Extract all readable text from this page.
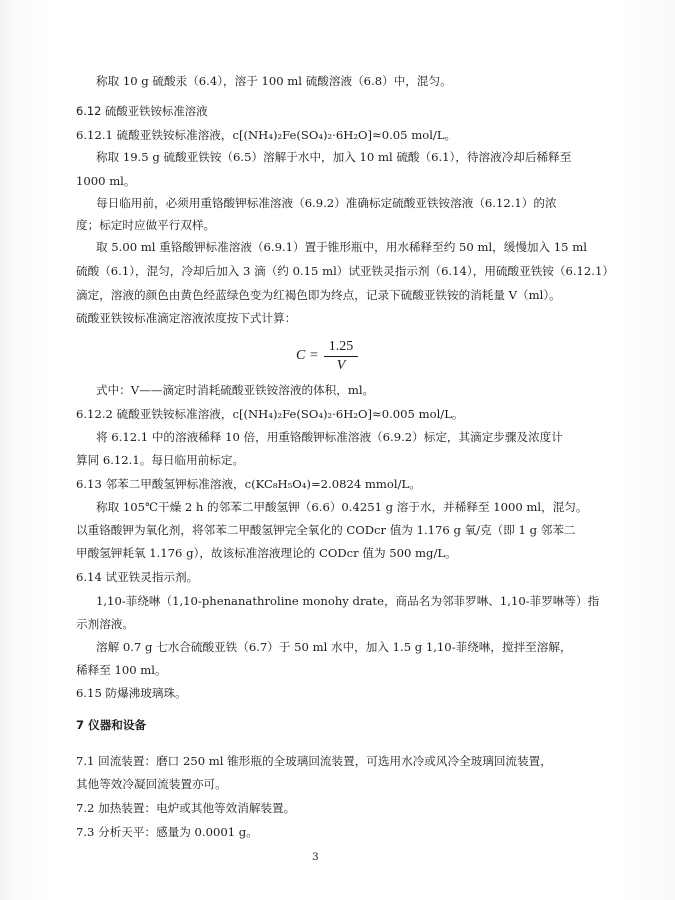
称取 10 g 硫酸汞（6.4），溶于 100 ml 硫酸溶液（6.8）中，混匀。
6.12 硫酸亚铁铵标准溶液
6.12.1 硫酸亚铁铵标准溶液，c[(NH₄)₂Fe(SO₄)₂·6H₂O]≈0.05 mol/L。
称取 19.5 g 硫酸亚铁铵（6.5）溶解于水中，加入 10 ml 硫酸（6.1），待溶液冷却后稀释至
1000 ml。
每日临用前，必须用重铬酸钾标准溶液（6.9.2）准确标定硫酸亚铁铵溶液（6.12.1）的浓
度；标定时应做平行双样。
取 5.00 ml 重铬酸钾标准溶液（6.9.1）置于锥形瓶中，用水稀释至约 50 ml，缓慢加入 15 ml
硫酸（6.1），混匀，冷却后加入 3 滴（约 0.15 ml）试亚铁灵指示剂（6.14），用硫酸亚铁铵（6.12.1）
滴定，溶液的颜色由黄色经蓝绿色变为红褐色即为终点，记录下硫酸亚铁铵的消耗量 V（ml）。
硫酸亚铁铵标准滴定溶液浓度按下式计算：
C =
1.25
V
式中：V——滴定时消耗硫酸亚铁铵溶液的体积，ml。
6.12.2 硫酸亚铁铵标准溶液，c[(NH₄)₂Fe(SO₄)₂·6H₂O]≈0.005 mol/L。
将 6.12.1 中的溶液稀释 10 倍，用重铬酸钾标准溶液（6.9.2）标定，其滴定步骤及浓度计
算同 6.12.1。每日临用前标定。
6.13 邻苯二甲酸氢钾标准溶液，c(KC₈H₅O₄)=2.0824 mmol/L。
称取 105℃干燥 2 h 的邻苯二甲酸氢钾（6.6）0.4251 g 溶于水，并稀释至 1000 ml，混匀。
以重铬酸钾为氧化剂，将邻苯二甲酸氢钾完全氧化的 CODcr 值为 1.176 g 氧/克（即 1 g 邻苯二
甲酸氢钾耗氧 1.176 g），故该标准溶液理论的 CODcr 值为 500 mg/L。
6.14 试亚铁灵指示剂。
1,10-菲绕啉（1,10-phenanathroline monohy drate，商品名为邻菲罗啉、1,10-菲罗啉等）指
示剂溶液。
溶解 0.7 g 七水合硫酸亚铁（6.7）于 50 ml 水中，加入 1.5 g 1,10-菲绕啉，搅拌至溶解，
稀释至 100 ml。
6.15 防爆沸玻璃珠。
7 仪器和设备
7.1 回流装置：磨口 250 ml 锥形瓶的全玻璃回流装置，可选用水冷或风冷全玻璃回流装置，
其他等效冷凝回流装置亦可。
7.2 加热装置：电炉或其他等效消解装置。
7.3 分析天平：感量为 0.0001 g。
3
